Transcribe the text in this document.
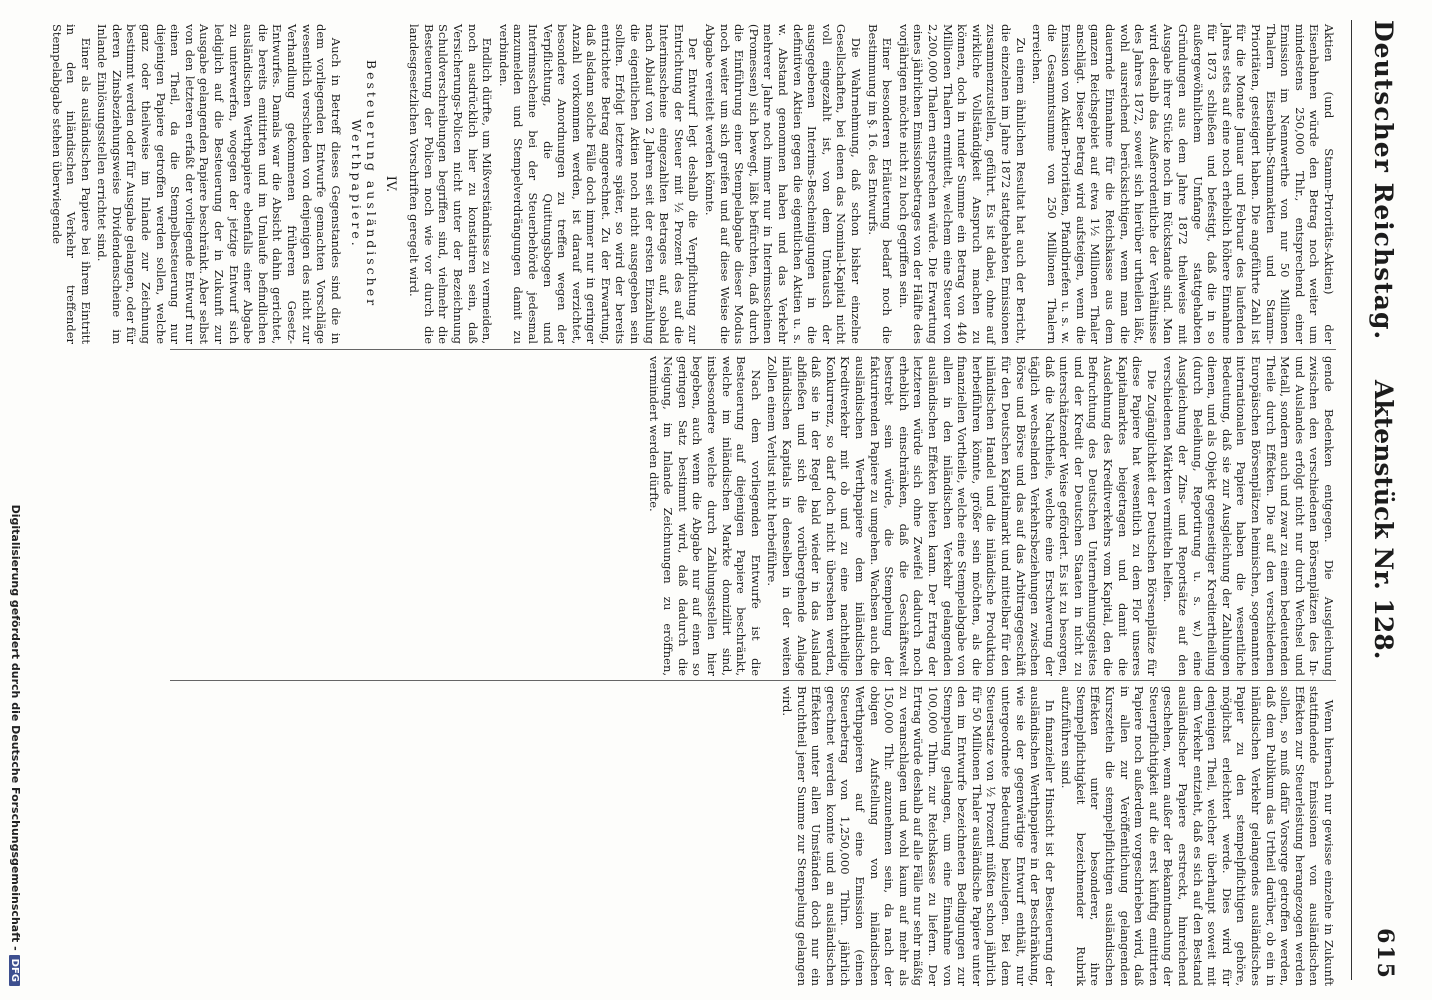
Deutscher Reichstag.
Aktenstück Nr. 128.
615

Aktien (und Stamm-Prioritäts-Aktien) der Eisenbahnen würde den Betrag noch weiter um mindestens 250,000 Thlr., entsprechend einer Emission im Nennwerthe von nur 50 Millionen Thalern Eisenbahn-Stammaktien und Stamm-Prioritäten, gesteigert haben. Die angeführte Zahl ist für die Monate Januar und Februar des laufenden Jahres stets auf eine noch erheblich höhere Einnahme für 1873 schließen und befestigt, daß die in so außergewöhnlichem Umfange stattgehabten Gründungen aus dem Jahre 1872 theilweise mit Ausgabe ihrer Stücke noch im Rückstande sind. Man wird deshalb das Außerordentliche der Verhältnisse des Jahres 1872, soweit sich hierüber urtheilen läßt, wohl ausreichend berücksichtigen, wenn man die dauernde Einnahme für die Reichskasse aus dem ganzen Reichsgebiet auf etwa 1½ Millionen Thaler anschlägt. Dieser Betrag wird aufsteigen, wenn die Emission von Aktien-Prioritäten, Pfandbriefen u. s. w. die Gesammtsumme von 250 Millionen Thalern erreichen.

Zu einem ähnlichen Resultat hat auch der Bericht, die einzelnen im Jahre 1872 stattgehabten Emissionen zusammenzustellen, geführt. Es ist dabei, ohne auf wirkliche Vollständigkeit Anspruch machen zu können, doch in runder Summe ein Betrag von 440 Millionen Thalern ermittelt, welchem eine Steuer von 2,200,000 Thalern entsprechen würde. Die Erwartung eines jährlichen Emissionsbetrages von der Hälfte des vorjährigen möchte nicht zu hoch gegriffen sein.

Einer besonderen Erläuterung bedarf noch die Bestimmung im §. 16. des Entwurfs.

Die Wahrnehmung, daß schon bisher einzelne Gesellschaften, bei denen das Nominal-Kapital nicht voll eingezahlt ist, von dem Umtausch der ausgegebenen Interims-Bescheinigungen in die definitiven Aktien gegen die eigentlichen Aktien u. s. w. Abstand genommen haben und das Verkehr mehrerer Jahre noch immer nur in Interimsscheinen (Promessen) sich bewegt, läßt befürchten, daß durch die Einführung einer Stempelabgabe dieser Modus noch weiter um sich greifen und auf diese Weise die Abgabe vereitelt werden könnte.

Der Entwurf legt deshalb die Verpflichtung zur Entrichtung der Steuer mit ½ Prozent des auf die Interimsscheine eingezahlten Betrages auf, sobald nach Ablauf von 2 Jahren seit der ersten Einzahlung die eigentlichen Aktien noch nicht ausgegeben sein sollten. Erfolgt letztere später, so wird der bereits entrichtete Betrag angerechnet. Zu der Erwartung, daß alsdann solche Fälle doch immer nur in geringer Anzahl vorkommen werden, ist darauf verzichtet, besondere Anordnungen zu treffen wegen der Verpflichtung, die Quittungsbogen und Interimsscheine bei der Steuerbehörde jedesmal anzumelden und Stempelverdrängungen damit zu verbinden.

Endlich dürfte, um Mißverständnisse zu vermeiden, noch ausdrücklich hier zu konstatiren sein, daß Versicherungs-Policen nicht unter der Bezeichnung Schuldverschreibungen begriffen sind, vielmehr die Besteuerung der Policen noch wie vor durch die landesgesetzlichen Vorschriften geregelt wird.

IV.
Besteuerung ausländischer Werthpapiere.

Auch in Betreff dieses Gegenstandes sind die in dem vorliegenden Entwurfe gemachten Vorschläge wesentlich verschieden von denjenigen des nicht zur Verhandlung gekommenen früheren Gesetz-Entwurfes. Damals war die Absicht dahin gerichtet, die bereits emittirten und im Umlaufe befindlichen ausländischen Werthpapiere ebenfalls einer Abgabe zu unterwerfen, wogegen der jetzige Entwurf sich lediglich auf die Besteuerung der in Zukunft zur Ausgabe gelangenden Papiere beschränkt. Aber selbst von den letzteren erfaßt der vorliegende Entwurf nur einen Theil, da die Stempelbesteuerung nur diejenigen Papiere getroffen werden sollen, welche ganz oder theilweise im Inlande zur Zeichnung bestimmt werden oder für Ausgabe gelangen, oder für deren Zinsbeziehungsweise Dividendenscheine im Inlande Einlösungsstellen errichtet sind.

Einer als ausländischen Papiere bei ihrem Eintritt in den inländischen Verkehr treffender Stempelabgabe stehen überwiegende

gende Bedenken entgegen. Die Ausgleichung zwischen den verschiedenen Börsenplätzen des In- und Auslandes erfolgt nicht nur durch Wechsel und Metall, sondern auch und zwar zu einem bedeutenden Theile durch Effekten. Die auf den verschiedenen Europäischen Börsenplätzen heimischen, sogenannten internationalen Papiere haben die wesentliche Bedeutung, daß sie zur Ausgleichung der Zahlungen dienen, und als Objekt gegenseitiger Kreditertheilung (durch Beleihung, Reportirung u. s. w.) eine Ausgleichung der Zins- und Reportsätze auf den verschiedenen Märkten vermitteln helfen.

Die Zugänglichkeit der Deutschen Börsenplätze für diese Papiere hat wesentlich zu dem Flor unseres Kapitalmarktes beigetragen und damit die Ausdehnung des Kreditverkehrs vom Kapital, den die Befruchtung des Deutschen Unternehmungsgeistes und der Kredit der Deutschen Staaten in nicht zu unterschätzender Weise gefördert. Es ist zu besorgen, daß die Nachtheile, welche eine Erschwerung der täglich wechselnden Verkehrsbeziehungen zwischen Börse und Börse und das auf das Arbitragegeschäft für den Deutschen Kapitalmarkt und mittelbar für den inländischen Handel und die inländische Produktion herbeiführen könnte, größer sein möchten, als die finanziellen Vortheile, welche eine Stempelabgabe von allen in den inländischen Verkehr gelangenden ausländischen Effekten bieten kann. Der Ertrag der letzteren würde sich ohne Zweifel dadurch noch erheblich einschränken, daß die Geschäftswelt bestrebt sein würde, die Stempelung der fakturirenden Papiere zu umgehen. Wachsen auch die ausländischen Werthpapiere dem inländischen Kreditverkehr mit ob und zu eine nachtheilige Konkurrenz, so darf doch nicht übersehen werden, daß sie in der Regel bald wieder in das Ausland abfließen und sich die vorübergehende Anlage inländischen Kapitals in denselben in der weiten Zollen einem Verlust nicht herbeiführe.

Nach dem vorliegenden Entwurfe ist die Besteuerung auf diejenigen Papiere beschränkt, welche im inländischen Markte domizilirt sind, insbesondere welche durch Zahlungsstellen hier begeben, auch wenn die Abgabe nur auf einen so geringen Satz bestimmt wird, daß dadurch die Neigung, im Inlande Zeichnungen zu eröffnen, vermindert werden dürfte.

Wenn hiernach nur gewisse einzelne in Zukunft stattfindende Emissionen von ausländischen Effekten zur Steuerleistung herangezogen werden sollen, so muß dafür Vorsorge getroffen werden, daß dem Publikum das Urtheil darüber, ob ein in inländischen Verkehr gelangendes ausländisches Papier zu den stempelpflichtigen gehöre, möglichst erleichtert werde. Dies wird für denjenigen Theil, welcher überhaupt soweit mit dem Verkehr entzieht, daß es sich auf den Bestand ausländischer Papiere erstreckt, hinreichend geschehen, wenn außer der Bekanntmachung der Steuerpflichtigkeit auf die erst künftig emittirten Papiere noch außerdem vorgeschrieben wird, daß in allen zur Veröffentlichung gelangenden Kurszetteln die stempelpflichtigen ausländischen Effekten unter besonderer, ihre Stempelpflichtigkeit bezeichnender Rubrik aufzuführen sind.

In finanzieller Hinsicht ist der Besteuerung der ausländischen Werthpapiere in der Beschränkung, wie sie der gegenwärtige Entwurf enthält, nur untergeordnete Bedeutung beizulegen. Bei dem Steuersatze von ½ Prozent müßten schon jährlich für 50 Millionen Thaler ausländische Papiere unter den im Entwurfe bezeichneten Bedingungen zur Stempelung gelangen, um eine Einnahme von 100,000 Thlrn. zur Reichskasse zu liefern. Der Ertrag würde deshalb auf alle Fälle nur sehr mäßig zu veranschlagen und wohl kaum auf mehr als 150,000 Thlr. anzunehmen sein, da nach der obigen Aufstellung von inländischen Werthpapieren auf eine Emission (einen Steuerbetrag von 1,250,000 Thlrn. jährlich gerechnet werden konnte und an ausländischen Effekten unter allen Umständen doch nur ein Bruchtheil jener Summe zur Stempelung gelangen wird.

Digitalisierung gefördert durch die Deutsche Forschungsgemeinschaft -DFG
